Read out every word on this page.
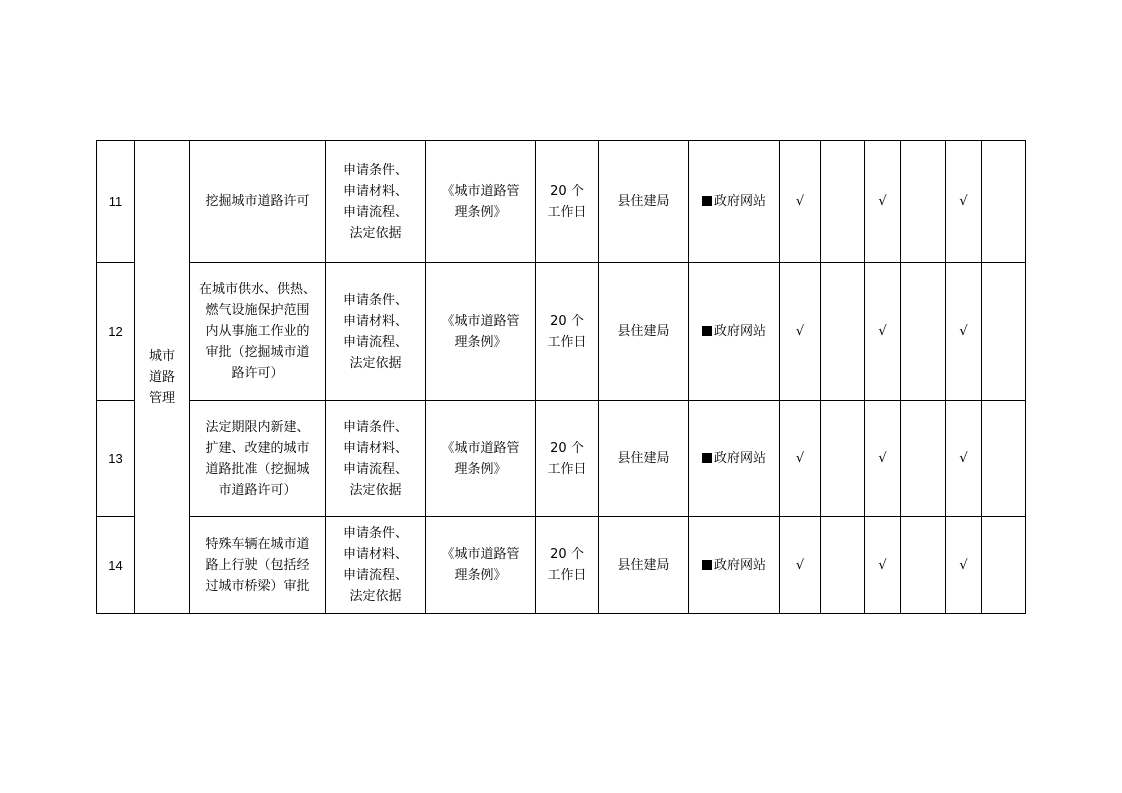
11	城市
道路
管理	挖掘城市道路许可	申请条件、
申请材料、
申请流程、
法定依据	《城市道路管
理条例》	20 个
工作日	县住建局	政府网站	√		√		√	
12		在城市供水、供热、
燃气设施保护范围
内从事施工作业的
审批（挖掘城市道
路许可）	申请条件、
申请材料、
申请流程、
法定依据	《城市道路管
理条例》	20 个
工作日	县住建局	政府网站	√		√		√	
13		法定期限内新建、
扩建、改建的城市
道路批准（挖掘城
市道路许可）	申请条件、
申请材料、
申请流程、
法定依据	《城市道路管
理条例》	20 个
工作日	县住建局	政府网站	√		√		√	
14		特殊车辆在城市道
路上行驶（包括经
过城市桥梁）审批	申请条件、
申请材料、
申请流程、
法定依据	《城市道路管
理条例》	20 个
工作日	县住建局	政府网站	√		√		√	
